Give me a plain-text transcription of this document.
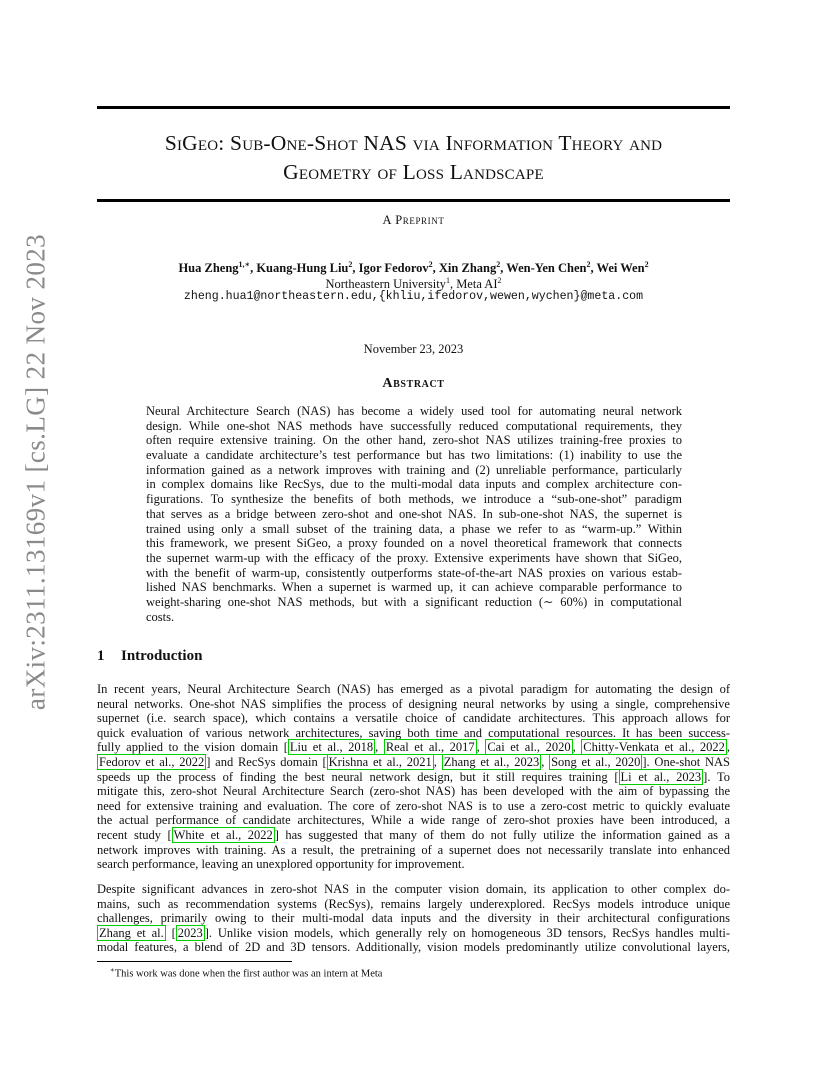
arXiv:2311.13169v1 [cs.LG] 22 Nov 2023
SiGeo: Sub-One-Shot NAS via Information Theory and
Geometry of Loss Landscape
A Preprint
Hua Zheng$^{1,∗}$, Kuang-Hung Liu$^2$, Igor Fedorov$^2$, Xin Zhang$^2$, Wen-Yen Chen$^2$, Wei Wen$^2$
Northeastern University$^1$, Meta $AI^2$
zheng.hua1@northeastern.edu,{khliu,ifedorov,wewen,wychen}@meta.com
November 23, 2023
Abstract
Neural Architecture Search (NAS) has become a widely used tool for automating neural network
design. While one-shot NAS methods have successfully reduced computational requirements, they
often require extensive training. On the other hand, zero-shot NAS utilizes training-free proxies to
evaluate a candidate architecture’s test performance but has two limitations: (1) inability to use the
information gained as a network improves with training and (2) unreliable performance, particularly
in complex domains like RecSys, due to the multi-modal data inputs and complex architecture con-
figurations. To synthesize the benefits of both methods, we introduce a “sub-one-shot” paradigm
that serves as a bridge between zero-shot and one-shot NAS. In sub-one-shot NAS, the supernet is
trained using only a small subset of the training data, a phase we refer to as “warm-up.” Within
this framework, we present SiGeo, a proxy founded on a novel theoretical framework that connects
the supernet warm-up with the efficacy of the proxy. Extensive experiments have shown that SiGeo,
with the benefit of warm-up, consistently outperforms state-of-the-art NAS proxies on various estab-
lished NAS benchmarks. When a supernet is warmed up, it can achieve comparable performance to
weight-sharing one-shot NAS methods, but with a significant reduction (∼ 60%) in computational
costs.
1 Introduction
In recent years, Neural Architecture Search (NAS) has emerged as a pivotal paradigm for automating the design of
neural networks. One-shot NAS simplifies the process of designing neural networks by using a single, comprehensive
supernet (i.e. search space), which contains a versatile choice of candidate architectures. This approach allows for
quick evaluation of various network architectures, saving both time and computational resources. It has been success-
fully applied to the vision domain [ Liu et al., 2018 , Real et al., 2017 , Cai et al., 2020 , Chitty-Venkata et al., 2022 ,
Fedorov et al., 2022 ] and RecSys domain [ Krishna et al., 2021 , Zhang et al., 2023 , Song et al., 2020 ]. One-shot NAS
speeds up the process of finding the best neural network design, but it still requires training [ Li et al., 2023 ]. To
mitigate this, zero-shot Neural Architecture Search (zero-shot NAS) has been developed with the aim of bypassing the
need for extensive training and evaluation. The core of zero-shot NAS is to use a zero-cost metric to quickly evaluate
the actual performance of candidate architectures, While a wide range of zero-shot proxies have been introduced, a
recent study [ White et al., 2022 ] has suggested that many of them do not fully utilize the information gained as a
network improves with training. As a result, the pretraining of a supernet does not necessarily translate into enhanced
search performance, leaving an unexplored opportunity for improvement.
Despite significant advances in zero-shot NAS in the computer vision domain, its application to other complex do-
mains, such as recommendation systems (RecSys), remains largely underexplored. RecSys models introduce unique
challenges, primarily owing to their multi-modal data inputs and the diversity in their architectural configurations
Zhang et al. [ 2023 ]. Unlike vision models, which generally rely on homogeneous 3D tensors, RecSys handles multi-
modal features, a blend of 2D and 3D tensors. Additionally, vision models predominantly utilize convolutional layers,
∗This work was done when the first author was an intern at Meta
